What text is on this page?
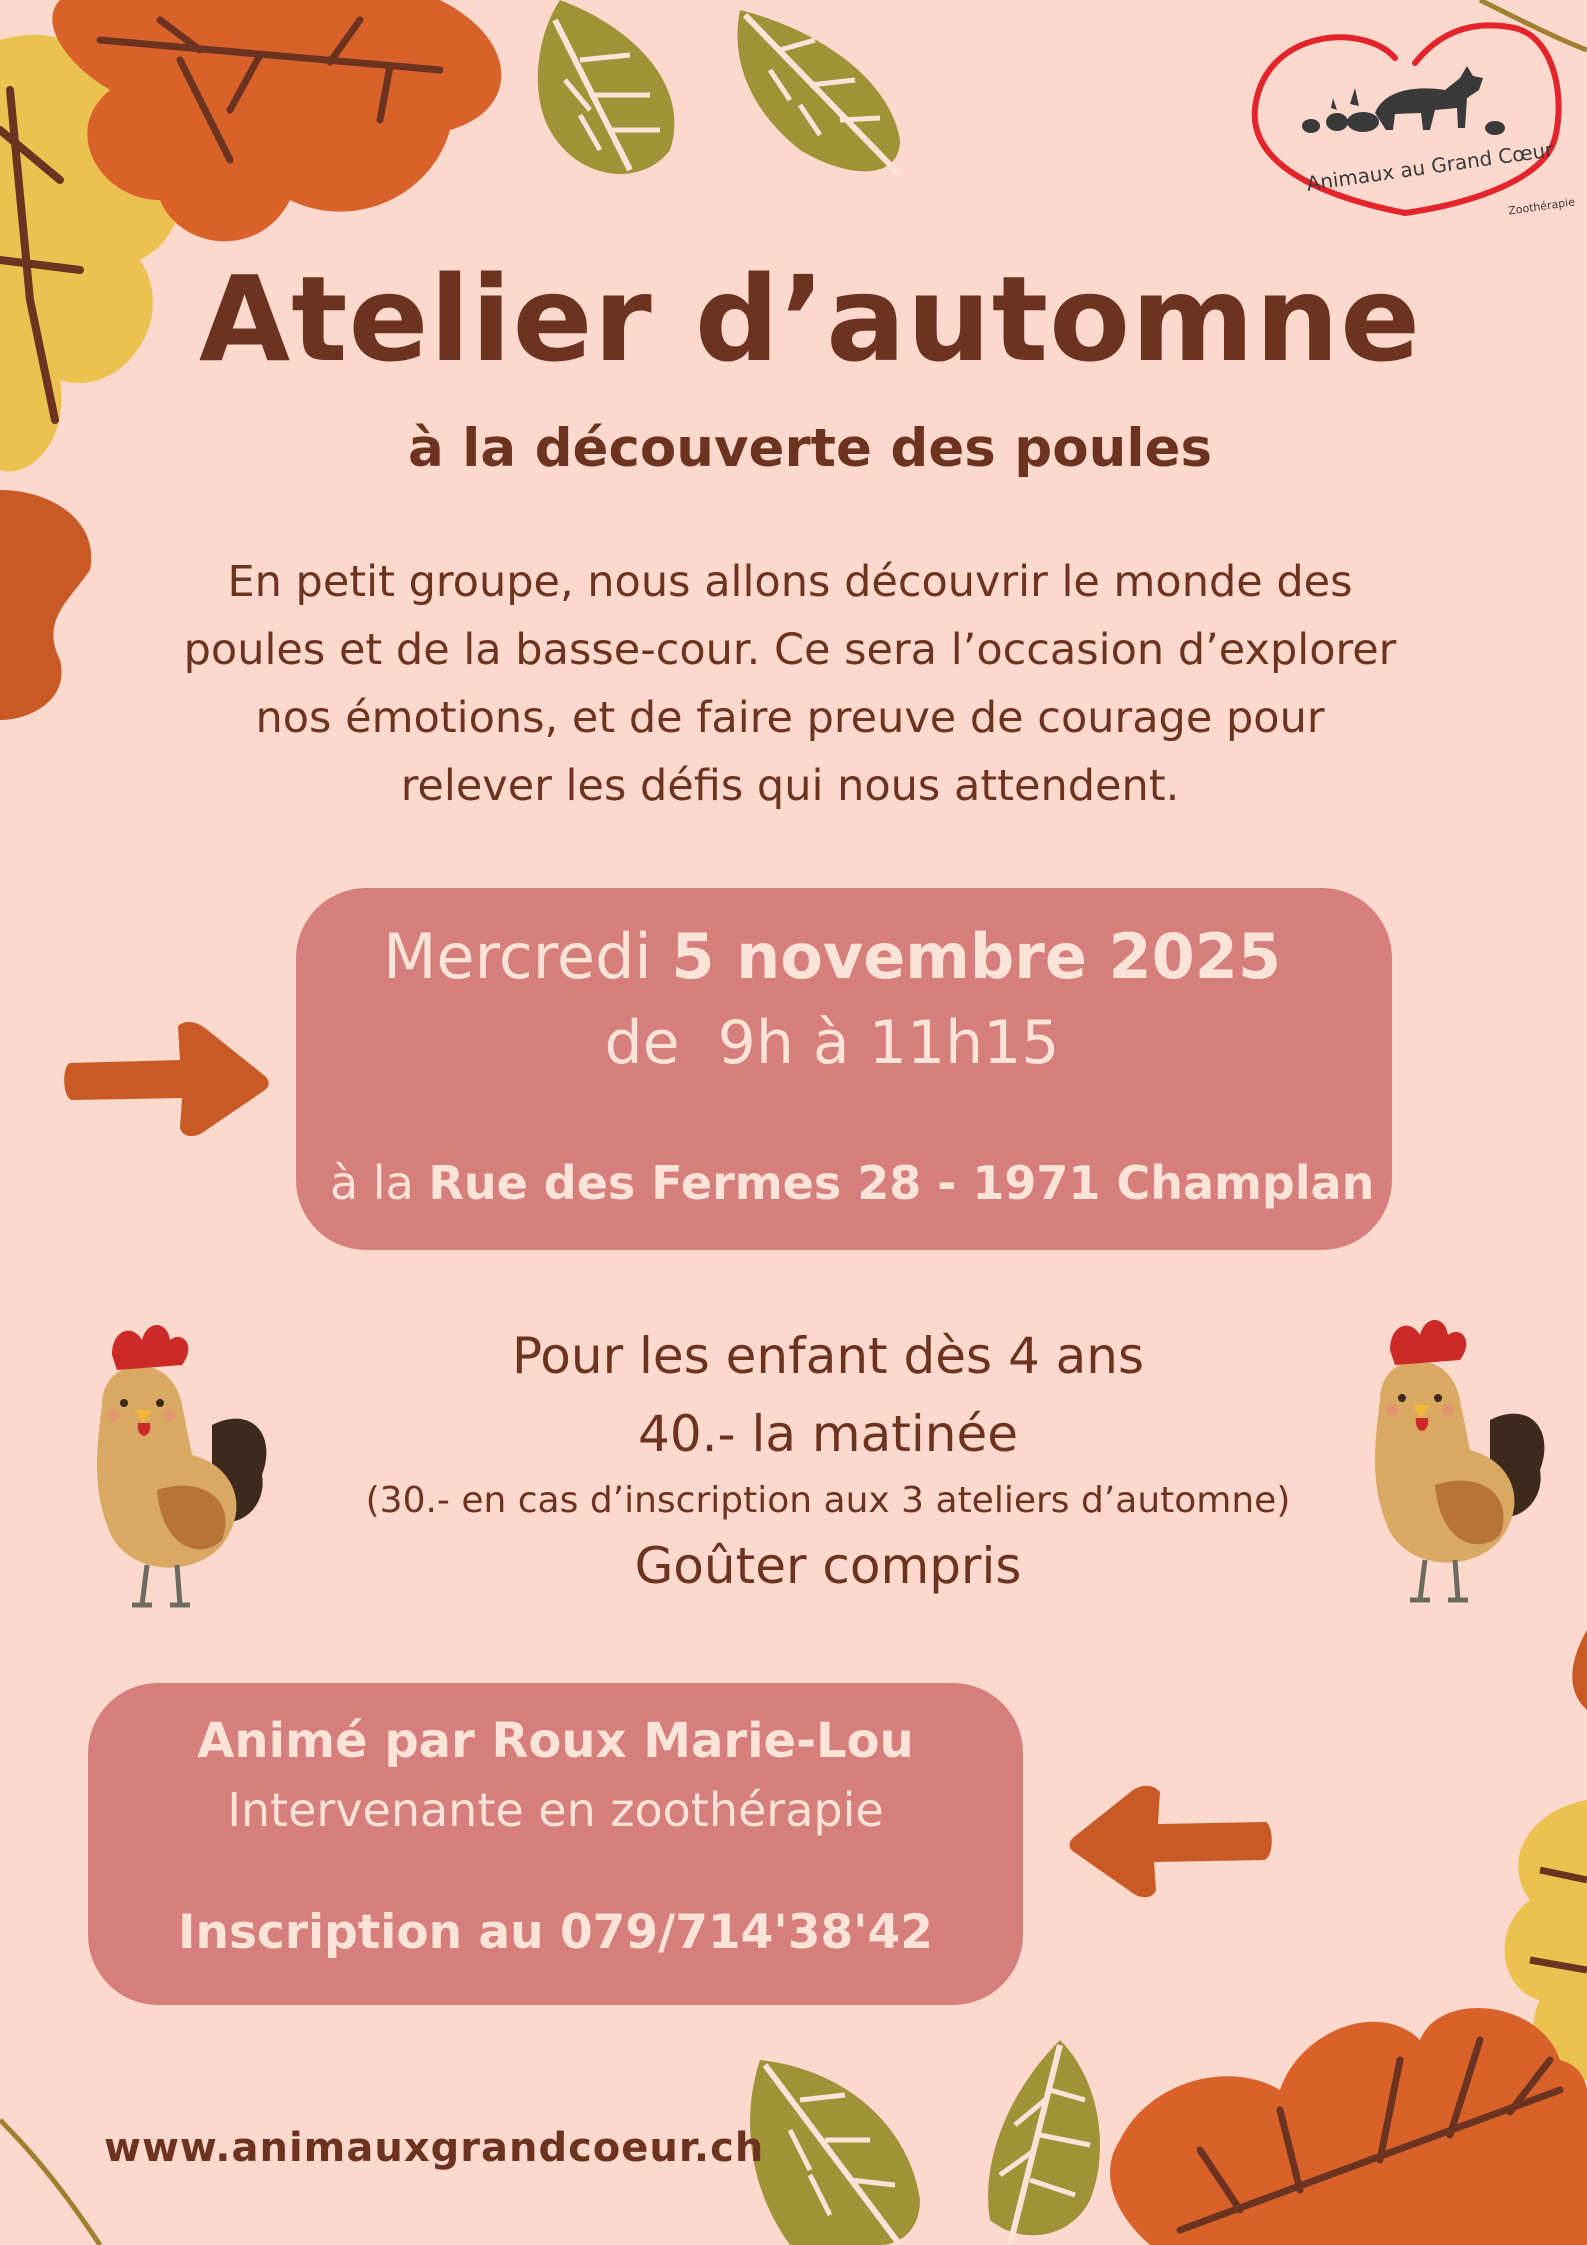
Animaux au Grand Cœur
Zoothérapie
Atelier d’automne
à la découverte des poules
En petit groupe, nous allons découvrir le monde des
poules et de la basse-cour. Ce sera l’occasion d’explorer
nos émotions, et de faire preuve de courage pour
relever les défis qui nous attendent.
Mercredi 5 novembre 2025
de  9h à 11h15
à la Rue des Fermes 28 - 1971 Champlan
Pour les enfant dès 4 ans
40.- la matinée
(30.- en cas d’inscription aux 3 ateliers d’automne)
Goûter compris
Animé par Roux Marie-Lou
Intervenante en zoothérapie
Inscription au 079/714'38'42
www.animauxgrandcoeur.ch
